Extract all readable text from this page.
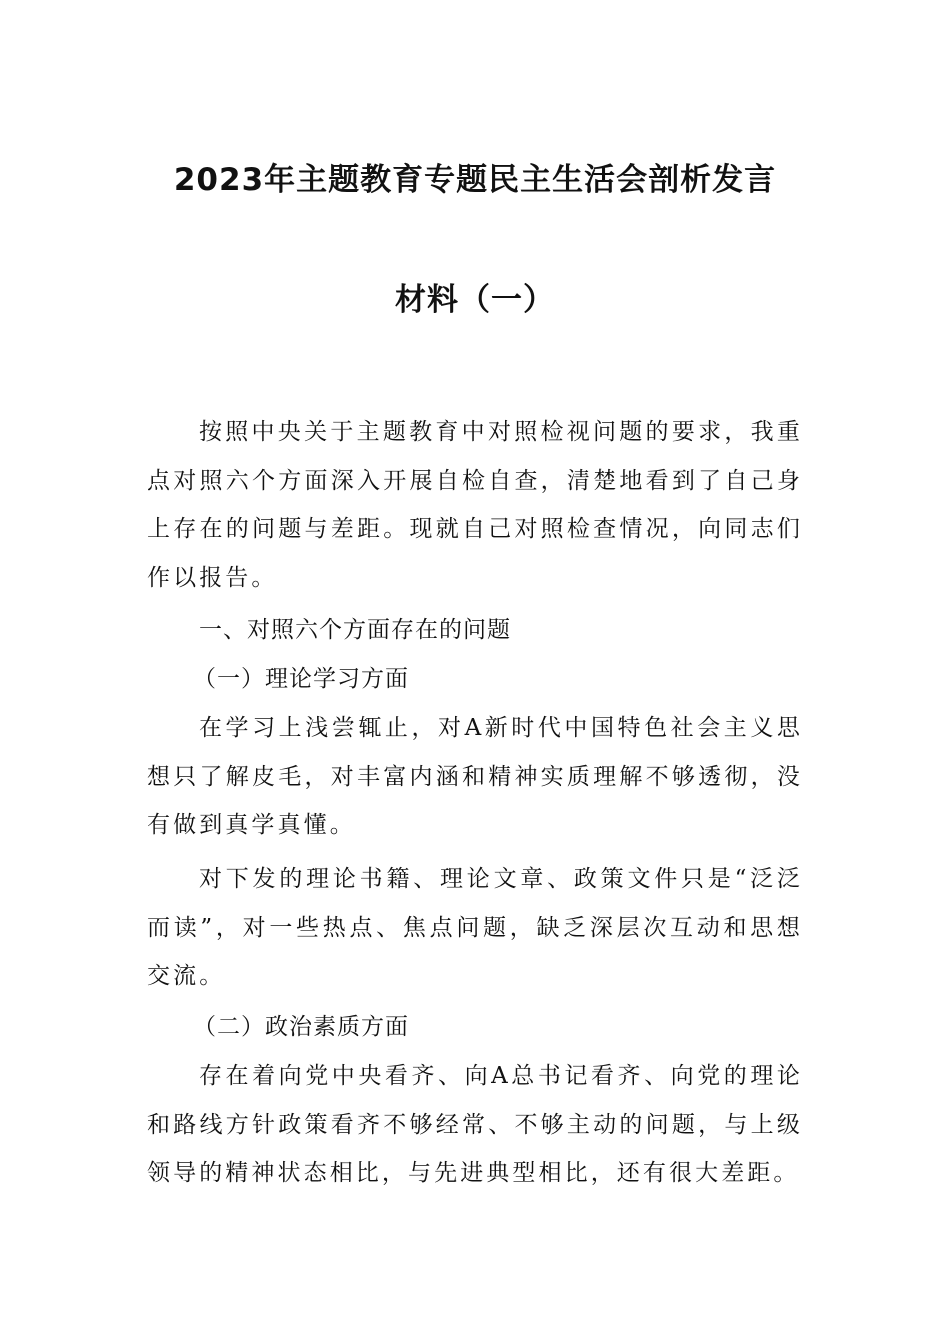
2023年主题教育专题民主生活会剖析发言
材料（一）

按照中央关于主题教育中对照检视问题的要求，我重点对照六个方面深入开展自检自查，清楚地看到了自己身上存在的问题与差距。现就自己对照检查情况，向同志们作以报告。

一、对照六个方面存在的问题

（一）理论学习方面

在学习上浅尝辄止，对A新时代中国特色社会主义思想只了解皮毛，对丰富内涵和精神实质理解不够透彻，没有做到真学真懂。

对下发的理论书籍、理论文章、政策文件只是“泛泛而读”，对一些热点、焦点问题，缺乏深层次互动和思想交流。

（二）政治素质方面

存在着向党中央看齐、向A总书记看齐、向党的理论和路线方针政策看齐不够经常、不够主动的问题，与上级领导的精神状态相比，与先进典型相比，还有很大差距。
